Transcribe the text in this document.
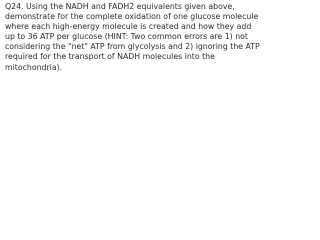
Q24. Using the NADH and FADH2 equivalents given above,
demonstrate for the complete oxidation of one glucose molecule
where each high-energy molecule is created and how they add
up to 36 ATP per glucose (HINT: Two common errors are 1) not
considering the "net" ATP from glycolysis and 2) ignoring the ATP
required for the transport of NADH molecules into the
mitochondria).
